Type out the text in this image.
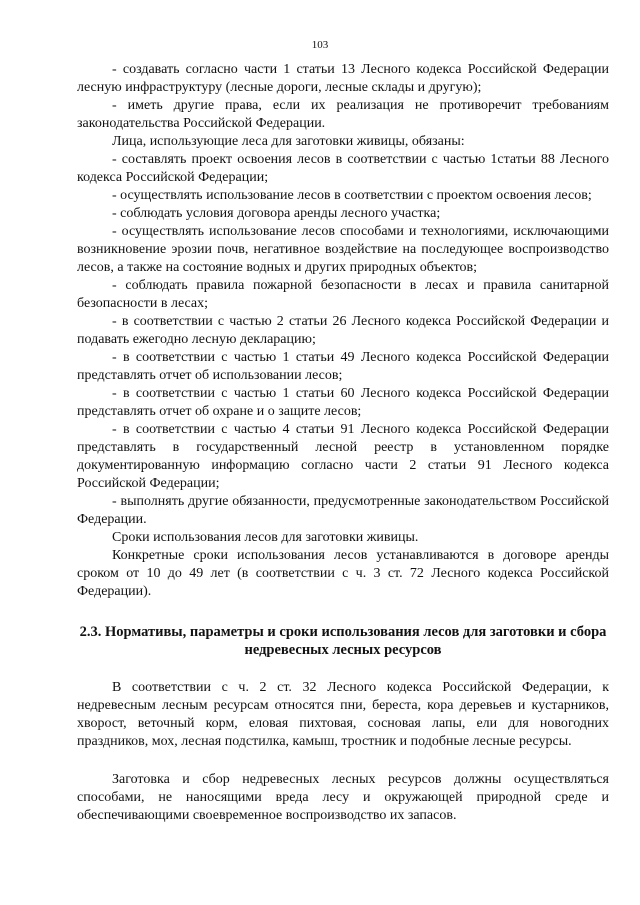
103

- создавать согласно части 1 статьи 13 Лесного кодекса Российской Федерации лесную инфраструктуру (лесные дороги, лесные склады и другую);

- иметь другие права, если их реализация не противоречит требованиям законодательства Российской Федерации.

Лица, использующие леса для заготовки живицы, обязаны:

- составлять проект освоения лесов в соответствии с частью 1статьи 88 Лесного кодекса Российской Федерации;

- осуществлять использование лесов в соответствии с проектом освоения лесов;

- соблюдать условия договора аренды лесного участка;

- осуществлять использование лесов способами и технологиями, исключающими возникновение эрозии почв, негативное воздействие на последующее воспроизводство лесов, а также на состояние водных и других природных объектов;

- соблюдать правила пожарной безопасности в лесах и правила санитарной безопасности в лесах;

- в соответствии с частью 2 статьи 26 Лесного кодекса Российской Федерации и подавать ежегодно лесную декларацию;

- в соответствии с частью 1 статьи 49 Лесного кодекса Российской Федерации представлять отчет об использовании лесов;

- в соответствии с частью 1 статьи 60 Лесного кодекса Российской Федерации представлять отчет об охране и о защите лесов;

- в соответствии с частью 4 статьи 91 Лесного кодекса Российской Федерации представлять в государственный лесной реестр в установленном порядке документированную информацию согласно части 2 статьи 91 Лесного кодекса Российской Федерации;

- выполнять другие обязанности, предусмотренные законодательством Российской Федерации.

Сроки использования лесов для заготовки живицы.

Конкретные сроки использования лесов устанавливаются в договоре аренды сроком от 10 до 49 лет (в соответствии с ч. 3 ст. 72 Лесного кодекса Российской Федерации).

2.3. Нормативы, параметры и сроки использования лесов для заготовки и сбора недревесных лесных ресурсов

В соответствии с ч. 2 ст. 32 Лесного кодекса Российской Федерации, к недревесным лесным ресурсам относятся пни, береста, кора деревьев и кустарников, хворост, веточный корм, еловая пихтовая, сосновая лапы, ели для новогодних праздников, мох, лесная подстилка, камыш, тростник и подобные лесные ресурсы.

Заготовка и сбор недревесных лесных ресурсов должны осуществляться способами, не наносящими вреда лесу и окружающей природной среде и обеспечивающими своевременное воспроизводство их запасов.
